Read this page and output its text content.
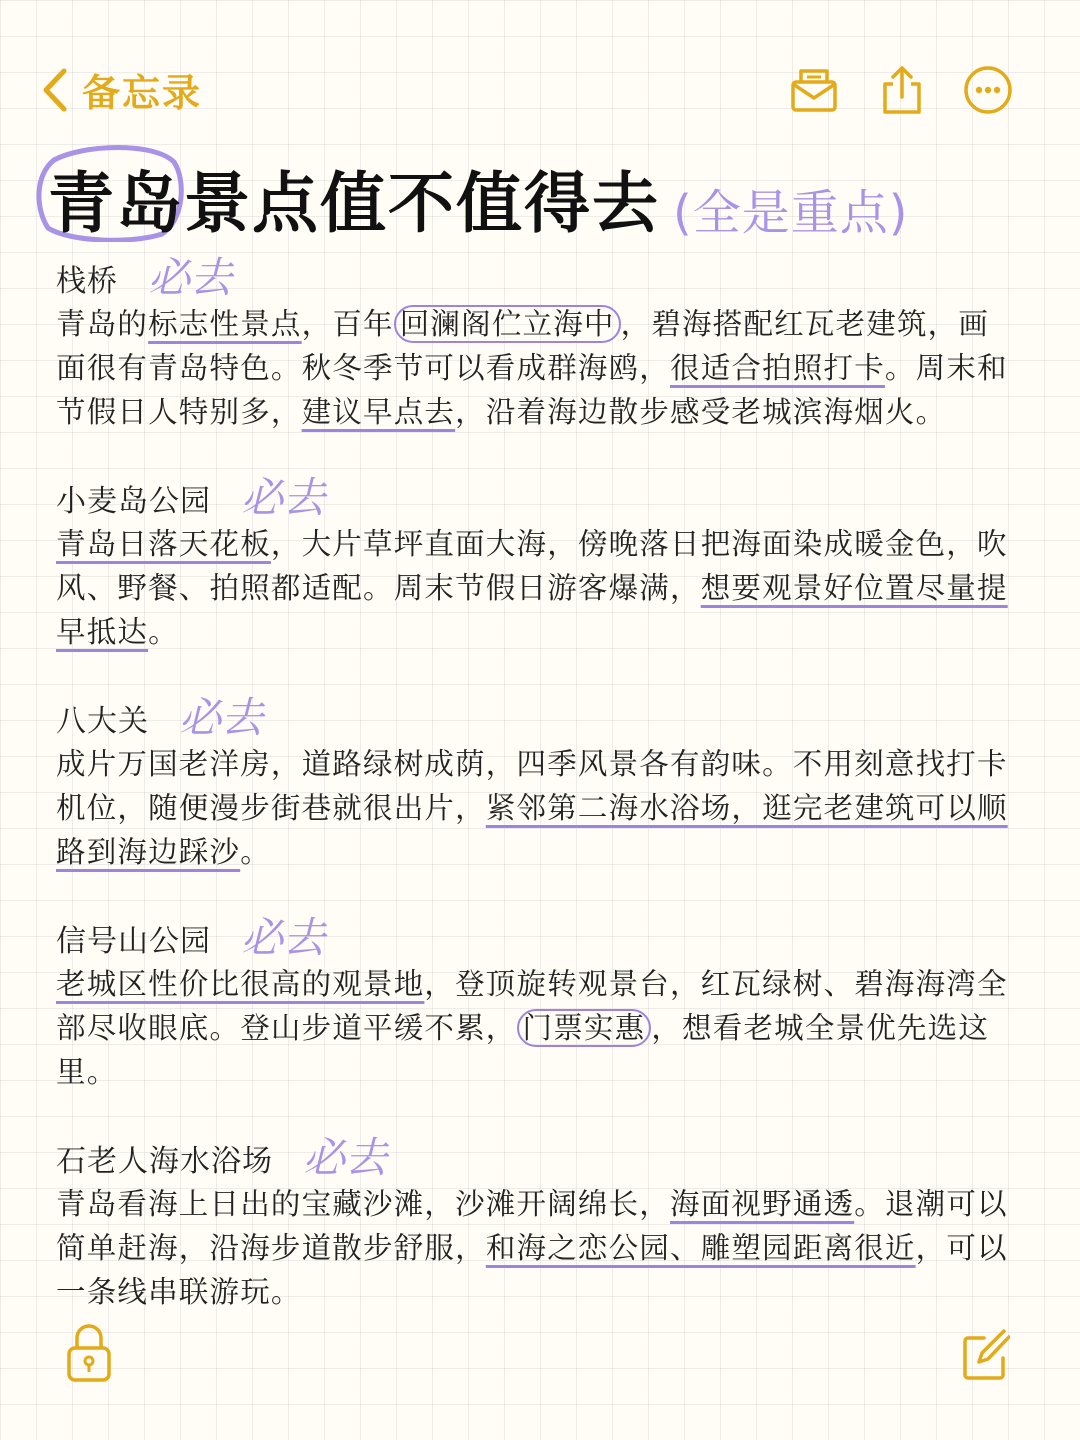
备忘录
青岛景点值不值得去 (全是重点)
栈桥 必去
青岛的标志性景点，百年 回澜阁伫立海中 ，碧海搭配红瓦老建筑，画面很有青岛特色。秋冬季节可以看成群海鸥，很适合拍照打卡。周末和节假日人特别多，建议早点去，沿着海边散步感受老城滨海烟火。
小麦岛公园 必去
青岛日落天花板，大片草坪直面大海，傍晚落日把海面染成暖金色，吹风、野餐、拍照都适配。周末节假日游客爆满，想要观景好位置尽量提早抵达。
八大关 必去
成片万国老洋房，道路绿树成荫，四季风景各有韵味。不用刻意找打卡机位，随便漫步街巷就很出片，紧邻第二海水浴场，逛完老建筑可以顺路到海边踩沙。
信号山公园 必去
老城区性价比很高的观景地，登顶旋转观景台，红瓦绿树、碧海海湾全部尽收眼底。登山步道平缓不累， 门票实惠 ，想看老城全景优先选这里。
石老人海水浴场 必去
青岛看海上日出的宝藏沙滩，沙滩开阔绵长，海面视野通透。退潮可以简单赶海，沿海步道散步舒服，和海之恋公园、雕塑园距离很近，可以一条线串联游玩。
